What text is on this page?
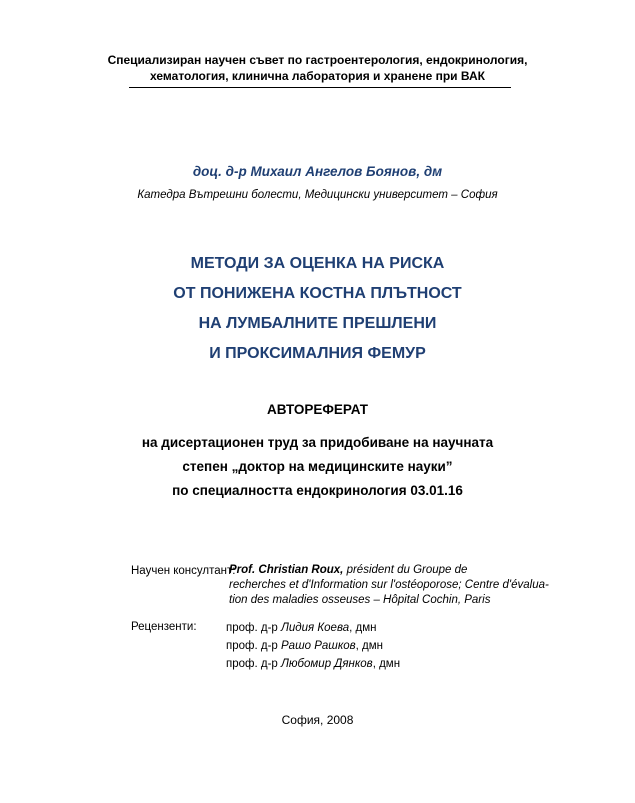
Специализиран научен съвет по гастроентерология, ендокринология,
хематология, клинична лаборатория и хранене при ВАК
доц. д-р Михаил Ангелов Боянов, дм
Катедра Вътрешни болести, Медицински университет – София
МЕТОДИ ЗА ОЦЕНКА НА РИСКА
ОТ ПОНИЖЕНА КОСТНА ПЛЪТНОСТ
НА ЛУМБАЛНИТЕ ПРЕШЛЕНИ
И ПРОКСИМАЛНИЯ ФЕМУР
АВТОРЕФЕРАТ
на дисертационен труд за придобиване на научната
степен „доктор на медицинските науки”
по специалността ендокринология 03.01.16
Научен консултант:
Prof. Christian Roux, président du Groupe de
recherches et d'Information sur l'ostéoporose; Centre d'évalua-
tion des maladies osseuses – Hôpital Cochin, Paris
Рецензенти:	проф. д-р Лидия Коева, дмн
проф. д-р Рашо Рашков, дмн
проф. д-р Любомир Дянков, дмн
София, 2008
